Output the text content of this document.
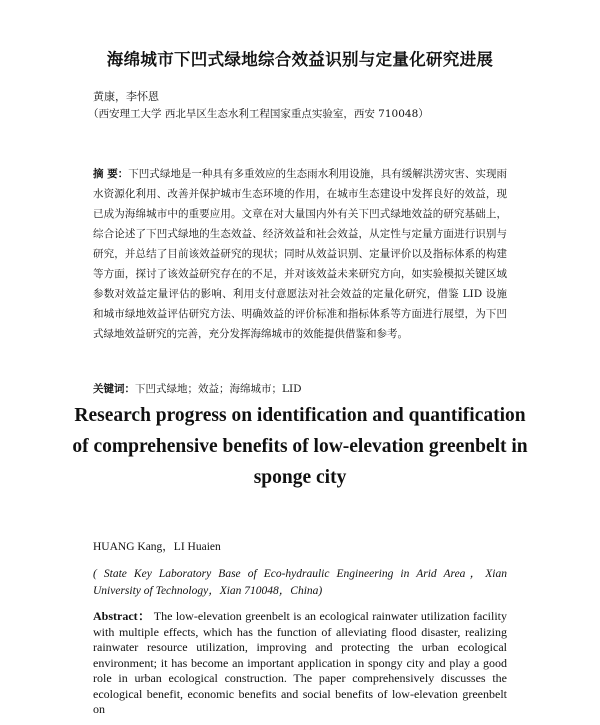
海绵城市下凹式绿地综合效益识别与定量化研究进展
黄康，李怀恩
（西安理工大学 西北旱区生态水利工程国家重点实验室，西安 710048）
摘 要：下凹式绿地是一种具有多重效应的生态雨水利用设施，具有缓解洪涝灾害、实现雨水资源化利用、改善并保护城市生态环境的作用，在城市生态建设中发挥良好的效益，现已成为海绵城市中的重要应用。文章在对大量国内外有关下凹式绿地效益的研究基础上，综合论述了下凹式绿地的生态效益、经济效益和社会效益，从定性与定量方面进行识别与研究，并总结了目前该效益研究的现状；同时从效益识别、定量评价以及指标体系的构建等方面，探讨了该效益研究存在的不足，并对该效益未来研究方向，如实验模拟关键区域参数对效益定量评估的影响、利用支付意愿法对社会效益的定量化研究，借鉴 LID 设施和城市绿地效益评估研究方法、明确效益的评价标准和指标体系等方面进行展望，为下凹式绿地效益研究的完善，充分发挥海绵城市的效能提供借鉴和参考。
关键词：下凹式绿地；效益；海绵城市；LID
Research progress on identification and quantification
of comprehensive benefits of low-elevation greenbelt in
sponge city
HUANG Kang，LI Huaien
( State Key Laboratory Base of Eco-hydraulic Engineering in Arid Area，Xian University of Technology，Xian 710048，China)
Abstract： The low-elevation greenbelt is an ecological rainwater utilization facility with multiple effects, which has the function of alleviating flood disaster, realizing rainwater resource utilization, improving and protecting the urban ecological environment; it has become an important application in spongy city and play a good role in urban ecological construction. The paper comprehensively discusses the ecological benefit, economic benefits and social benefits of low-elevation greenbelt on
